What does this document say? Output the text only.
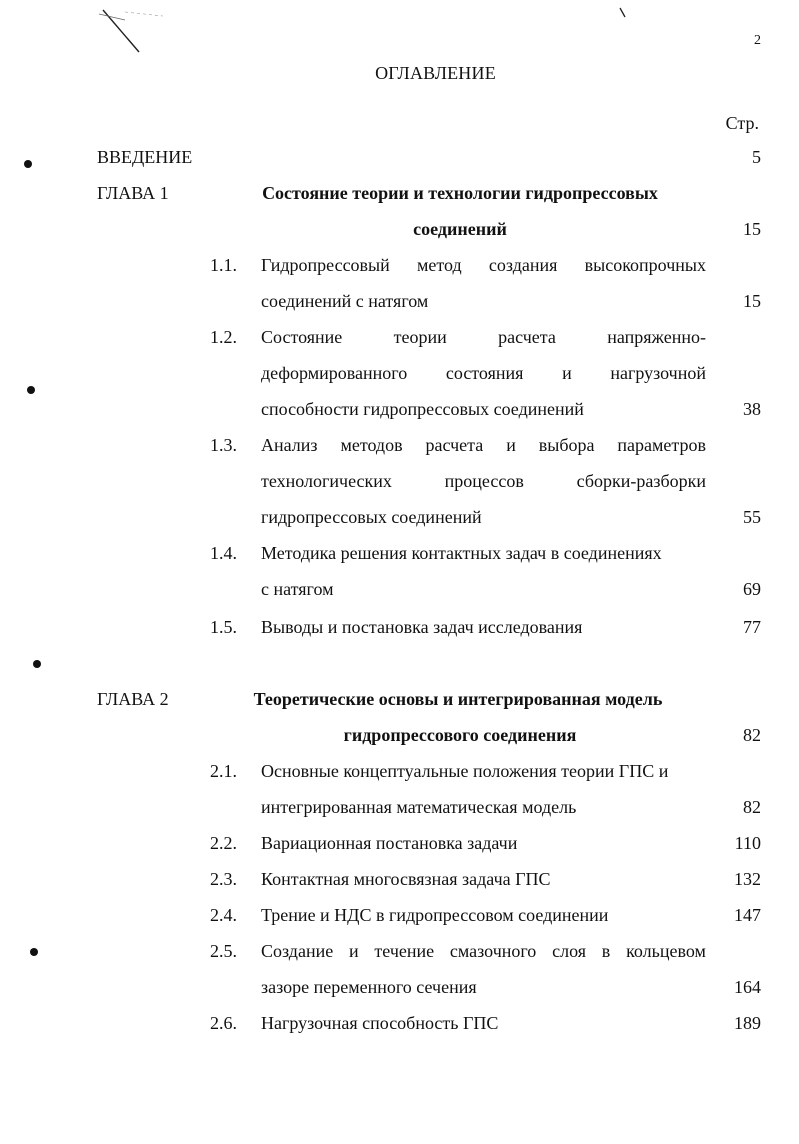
2
ОГЛАВЛЕНИЕ
Стр.
ВВЕДЕНИЕ	5
ГЛАВА 1	Состояние теории и технологии гидропрессовых
соединений	15
1.1. Гидропрессовый метод создания высокопрочных
соединений с натягом	15
1.2. Состояние	теории	расчета	напряженно-
деформированного состояния и нагрузочной
способности гидропрессовых соединений	38
1.3. Анализ методов расчета и выбора параметров
технологических	процессов	сборки-разборки
гидропрессовых соединений	55
1.4. Методика решения контактных задач в соединениях
с натягом	69
1.5. Выводы и постановка задач исследования	77
ГЛАВА 2	Теоретические основы и интегрированная модель
гидропрессового соединения	82
2.1. Основные концептуальные положения теории ГПС и
интегрированная математическая модель	82
2.2. Вариационная постановка задачи	110
2.3. Контактная многосвязная задача ГПС	132
2.4. Трение и НДС в гидропрессовом соединении	147
2.5. Создание и течение смазочного слоя в кольцевом
зазоре переменного сечения	164
2.6. Нагрузочная способность ГПС	189
